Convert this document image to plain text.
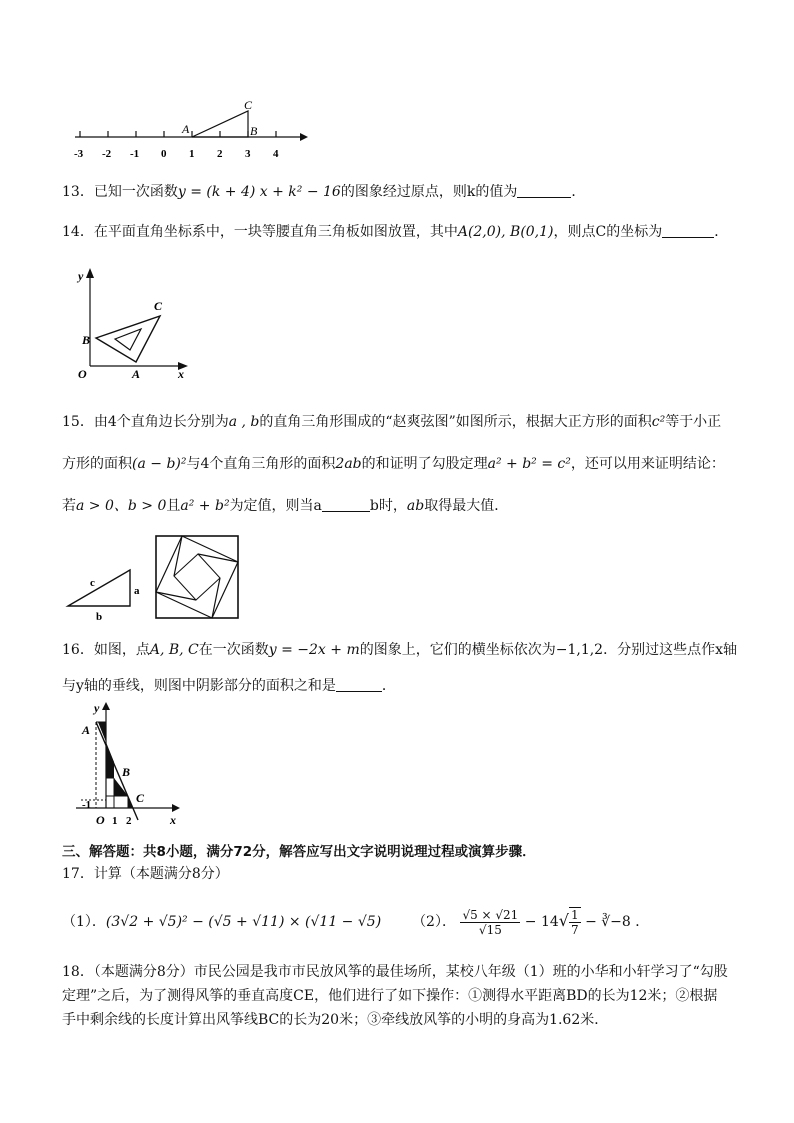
-3 -2 -1 0 1 2 3 4
A	B
C
13．已知一次函数y = (k + 4) x + k² − 16的图象经过原点，则k的值为	．
14．在平面直角坐标系中，一块等腰直角三角板如图放置，其中A(2,0), B(0,1)，则点C的坐标为	．
y
x
O	A
B
C
15．由4个直角边长分别为a , b的直角三角形围成的“赵爽弦图”如图所示，根据大正方形的面积c²等于小正
方形的面积(a − b)²与4个直角三角形的面积2ab的和证明了勾股定理a² + b² = c²，还可以用来证明结论：
若a > 0、b > 0且a² + b²为定值，则当a	b时，ab取得最大值．
c
a
b
16．如图，点A, B, C在一次函数y = −2x + m的图象上，它们的横坐标依次为−1,1,2．分别过这些点作x轴
与y轴的垂线，则图中阴影部分的面积之和是	．
y
x
A
B
C
O
-1
1 2
三、解答题：共8小题，满分72分，解答应写出文字说明说理过程或演算步骤．
17．计算（本题满分8分）
（1）．(3√2 + √5)² − (√5 + √11) × (√11 − √5) （2）． $\frac{√5 \times √21}{√15} - 14√ \frac{1}{7}$ − ∛−8 ．
18．（本题满分8分）市民公园是我市市民放风筝的最佳场所，某校八年级（1）班的小华和小轩学习了“勾股
定理”之后，为了测得风筝的垂直高度CE，他们进行了如下操作：①测得水平距离BD的长为12米；②根据
手中剩余线的长度计算出风筝线BC的长为20米；③牵线放风筝的小明的身高为1.62米．
